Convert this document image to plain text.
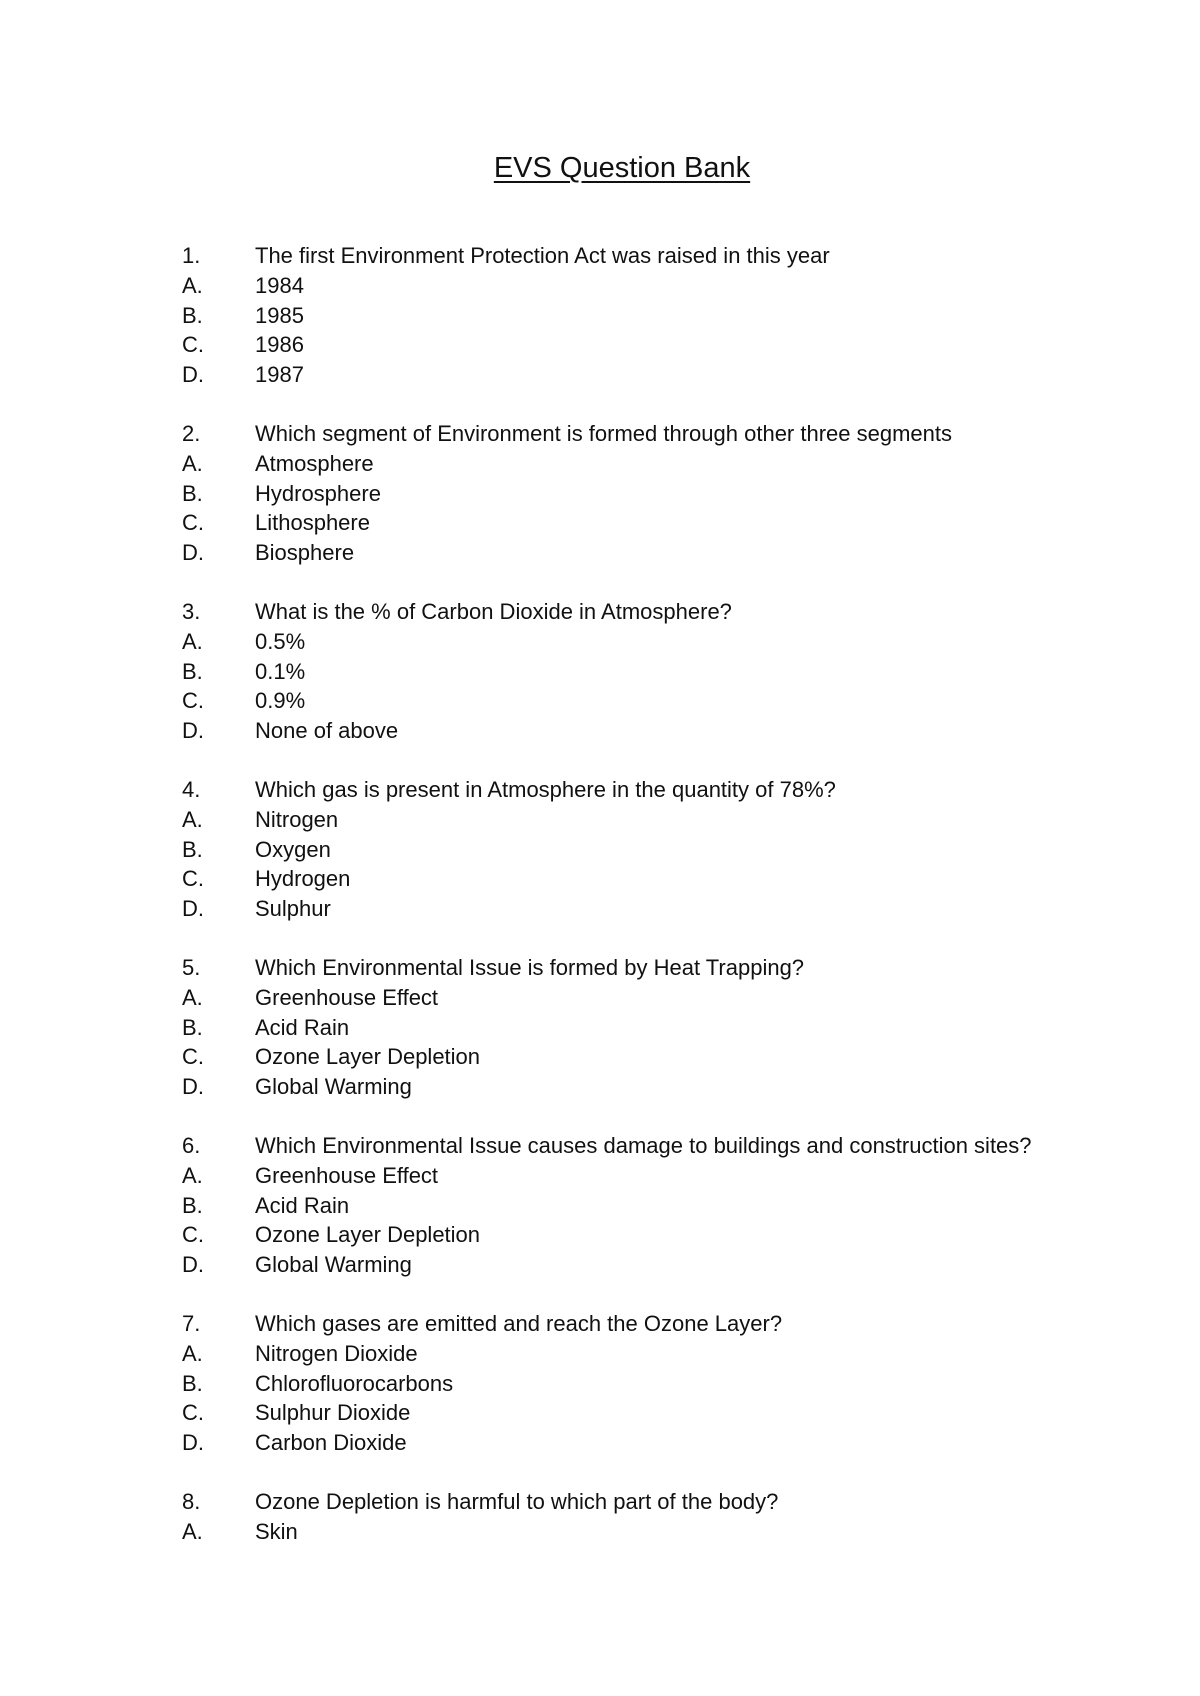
EVS Question Bank
1.	The first Environment Protection Act was raised in this year
A.	1984
B.	1985
C.	1986
D.	1987
2.	Which segment of Environment is formed through other three segments
A.	Atmosphere
B.	Hydrosphere
C.	Lithosphere
D.	Biosphere
3.	What is the % of Carbon Dioxide in Atmosphere?
A.	0.5%
B.	0.1%
C.	0.9%
D.	None of above
4.	Which gas is present in Atmosphere in the quantity of 78%?
A.	Nitrogen
B.	Oxygen
C.	Hydrogen
D.	Sulphur
5.	Which Environmental Issue is formed by Heat Trapping?
A.	Greenhouse Effect
B.	Acid Rain
C.	Ozone Layer Depletion
D.	Global Warming
6.	Which Environmental Issue causes damage to buildings and construction sites?
A.	Greenhouse Effect
B.	Acid Rain
C.	Ozone Layer Depletion
D.	Global Warming
7.	Which gases are emitted and reach the Ozone Layer?
A.	Nitrogen Dioxide
B.	Chlorofluorocarbons
C.	Sulphur Dioxide
D.	Carbon Dioxide
8.	Ozone Depletion is harmful to which part of the body?
A.	Skin
